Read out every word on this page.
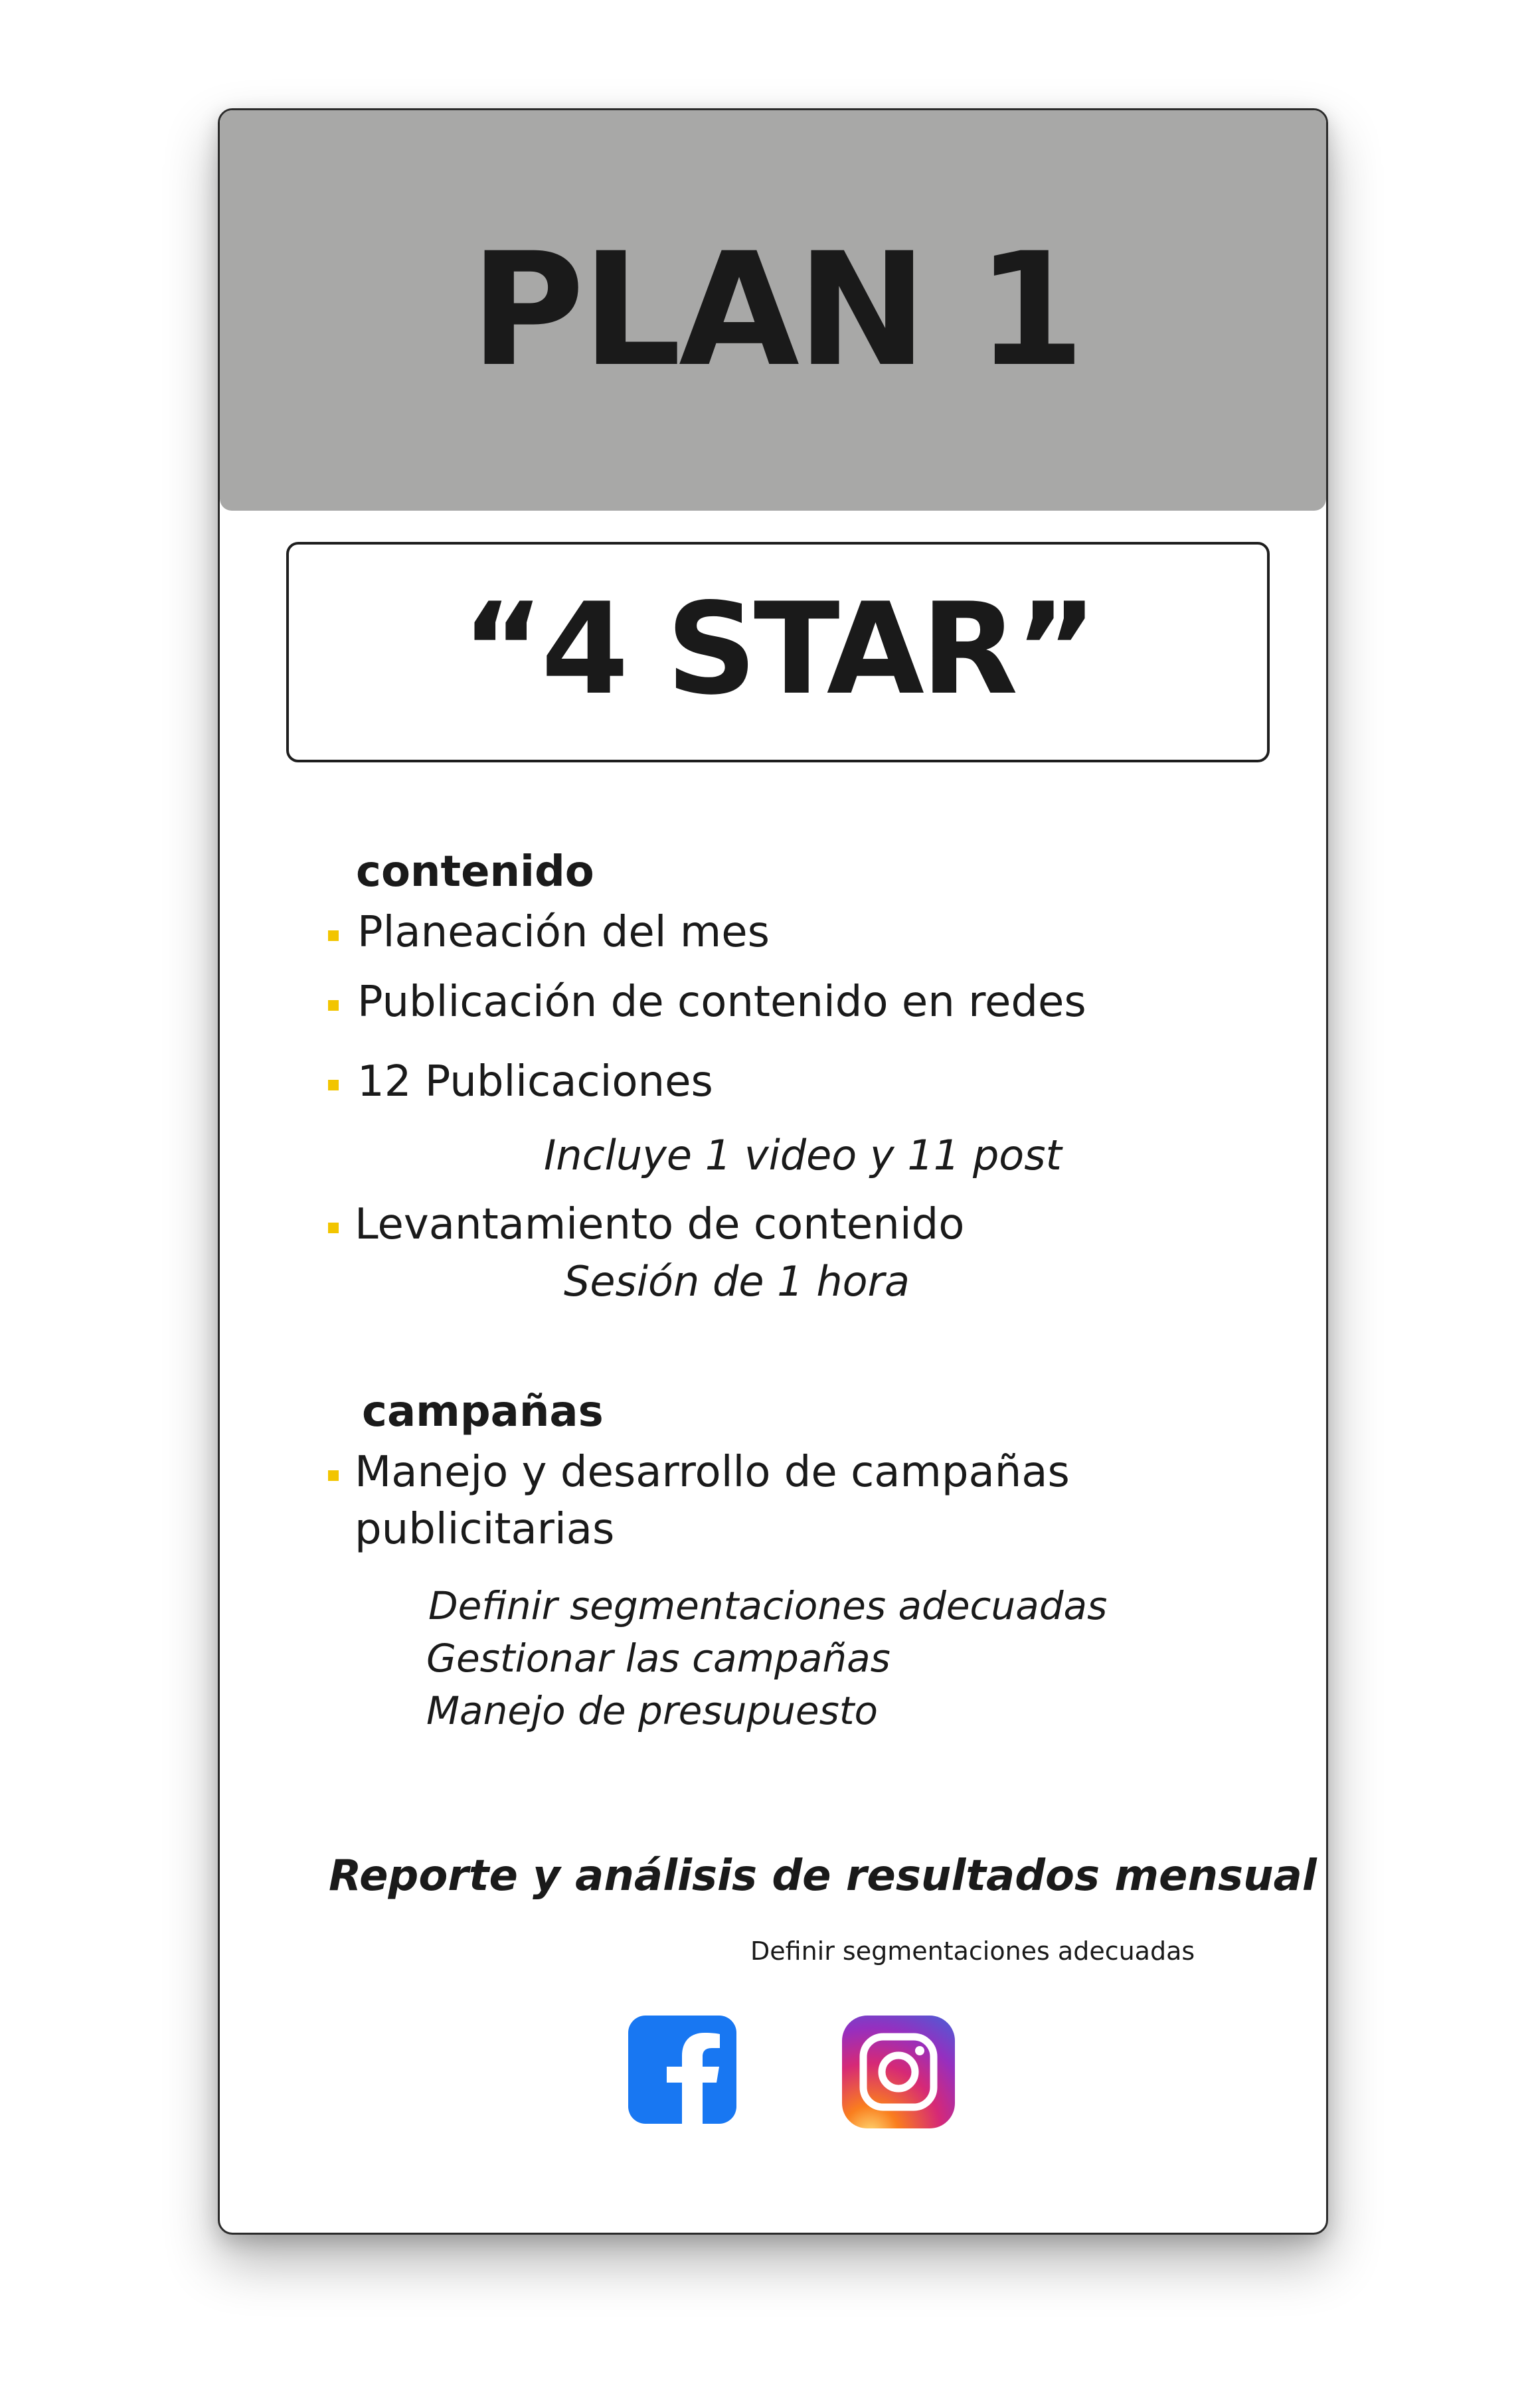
PLAN 1
“4 STAR”
contenido
Planeación del mes
Publicación de contenido en redes
12 Publicaciones
Incluye 1 video y 11 post
Levantamiento de contenido
Sesión de 1 hora
campañas
Manejo y desarrollo de campañas
publicitarias
Definir segmentaciones adecuadas
Gestionar las campañas
Manejo de presupuesto
Reporte y análisis de resultados mensual
Definir segmentaciones adecuadas
